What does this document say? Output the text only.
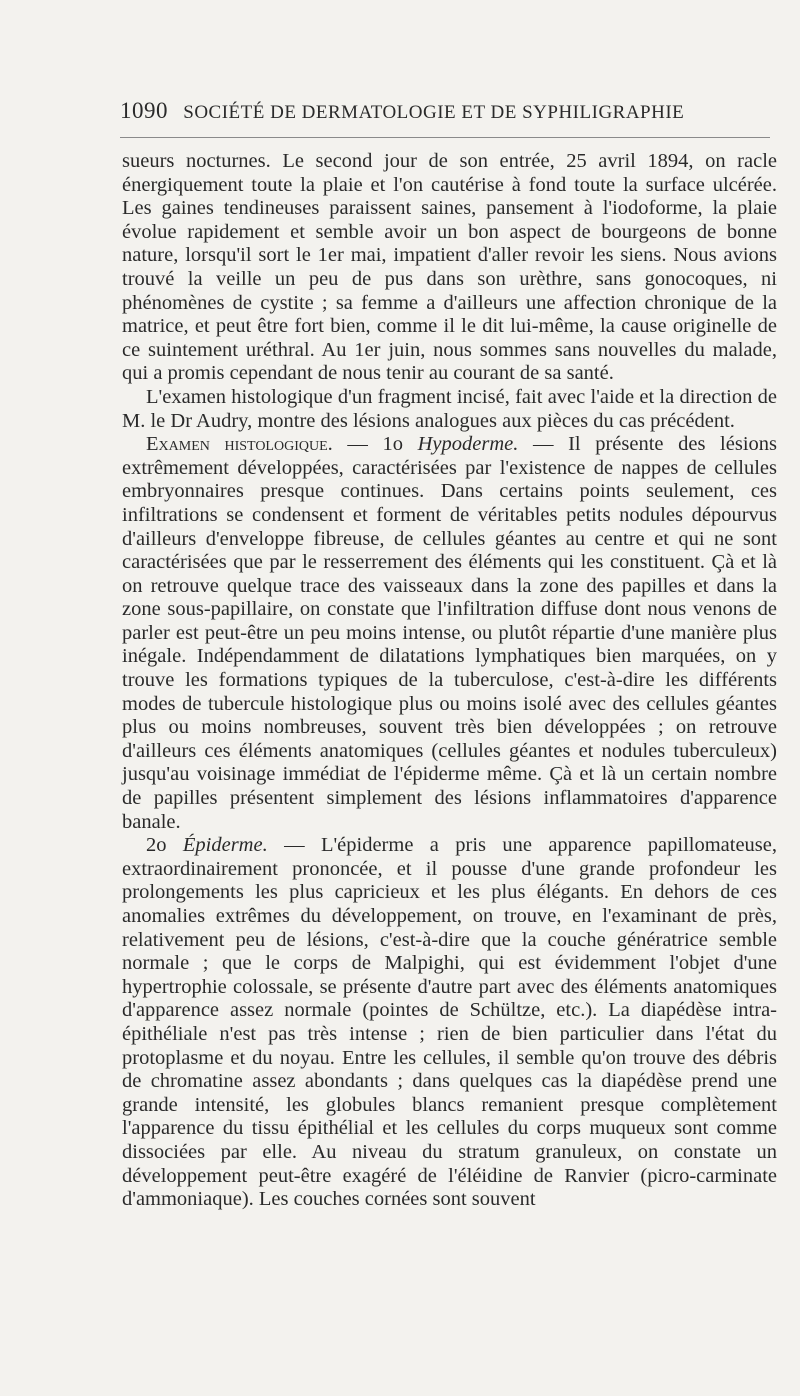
1090 SOCIÉTÉ DE DERMATOLOGIE ET DE SYPHILIGRAPHIE

sueurs nocturnes. Le second jour de son entrée, 25 avril 1894, on racle énergiquement toute la plaie et l'on cautérise à fond toute la surface ulcérée. Les gaines tendineuses paraissent saines, pansement à l'iodoforme, la plaie évolue rapidement et semble avoir un bon aspect de bourgeons de bonne nature, lorsqu'il sort le 1er mai, impatient d'aller revoir les siens. Nous avions trouvé la veille un peu de pus dans son urèthre, sans gonocoques, ni phénomènes de cystite ; sa femme a d'ailleurs une affection chronique de la matrice, et peut être fort bien, comme il le dit lui-même, la cause originelle de ce suintement uréthral. Au 1er juin, nous sommes sans nouvelles du malade, qui a promis cependant de nous tenir au courant de sa santé.

L'examen histologique d'un fragment incisé, fait avec l'aide et la direction de M. le Dr Audry, montre des lésions analogues aux pièces du cas précédent.

Examen histologique. — 1o Hypoderme. — Il présente des lésions extrêmement développées, caractérisées par l'existence de nappes de cellules embryonnaires presque continues. Dans certains points seulement, ces infiltrations se condensent et forment de véritables petits nodules dépourvus d'ailleurs d'enveloppe fibreuse, de cellules géantes au centre et qui ne sont caractérisées que par le resserrement des éléments qui les constituent. Çà et là on retrouve quelque trace des vaisseaux dans la zone des papilles et dans la zone sous-papillaire, on constate que l'infiltration diffuse dont nous venons de parler est peut-être un peu moins intense, ou plutôt répartie d'une manière plus inégale. Indépendamment de dilatations lymphatiques bien marquées, on y trouve les formations typiques de la tuberculose, c'est-à-dire les différents modes de tubercule histologique plus ou moins isolé avec des cellules géantes plus ou moins nombreuses, souvent très bien développées ; on retrouve d'ailleurs ces éléments anatomiques (cellules géantes et nodules tuberculeux) jusqu'au voisinage immédiat de l'épiderme même. Çà et là un certain nombre de papilles présentent simplement des lésions inflammatoires d'apparence banale.

2o Épiderme. — L'épiderme a pris une apparence papillomateuse, extraordinairement prononcée, et il pousse d'une grande profondeur les prolongements les plus capricieux et les plus élégants. En dehors de ces anomalies extrêmes du développement, on trouve, en l'examinant de près, relativement peu de lésions, c'est-à-dire que la couche génératrice semble normale ; que le corps de Malpighi, qui est évidemment l'objet d'une hypertrophie colossale, se présente d'autre part avec des éléments anatomiques d'apparence assez normale (pointes de Schültze, etc.). La diapédèse intra-épithéliale n'est pas très intense ; rien de bien particulier dans l'état du protoplasme et du noyau. Entre les cellules, il semble qu'on trouve des débris de chromatine assez abondants ; dans quelques cas la diapédèse prend une grande intensité, les globules blancs remanient presque complètement l'apparence du tissu épithélial et les cellules du corps muqueux sont comme dissociées par elle. Au niveau du stratum granuleux, on constate un développement peut-être exagéré de l'éléidine de Ranvier (picro-carminate d'ammoniaque). Les couches cornées sont souvent
